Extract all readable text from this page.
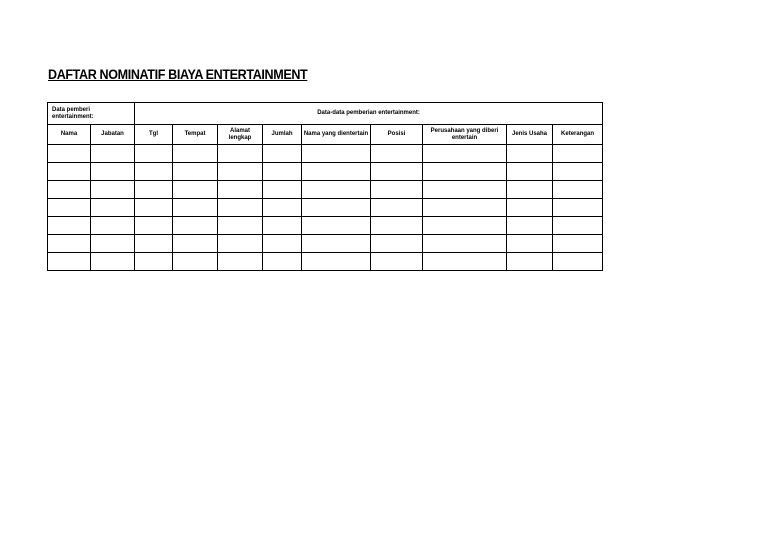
DAFTAR NOMINATIF BIAYA ENTERTAINMENT
Data pemberi entertainment:		Data-data pemberian entertainment:								
Nama	Jabatan	Tgl	Tempat	Alamat lengkap	Jumlah	Nama yang dientertain	Posisi	Perusahaan yang diberi entertain	Jenis Usaha	Keterangan
